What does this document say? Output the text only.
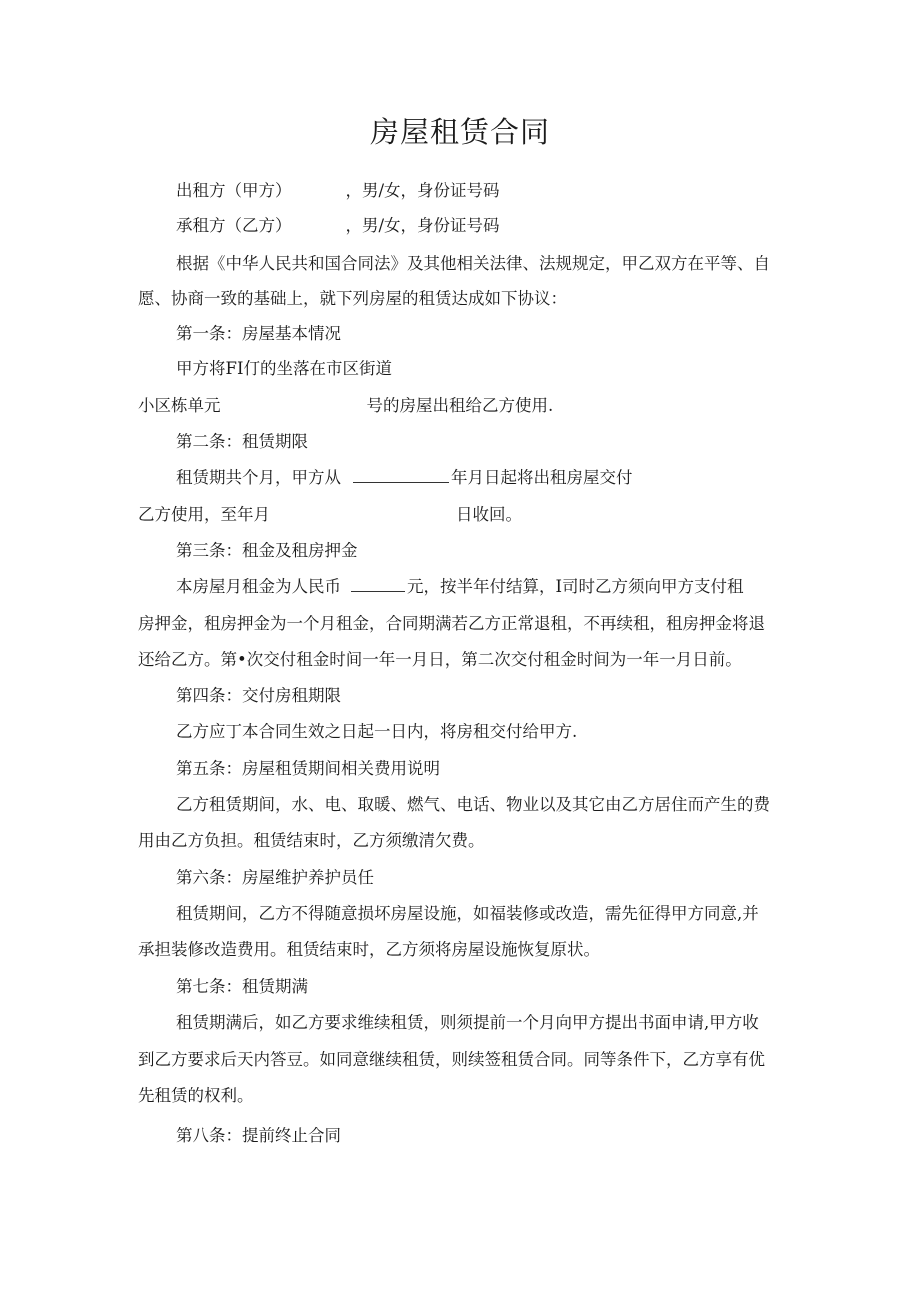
房屋租赁合同

出租方（甲方）	，男/女，身份证号码

承租方（乙方）	，男/女，身份证号码

根据《中华人民共和国合同法》及其他相关法律、法规规定，甲乙双方在平等、自

愿、协商一致的基础上，就下列房屋的租赁达成如下协议：

第一条：房屋基本情况

甲方将FI仃的坐落在市区街道

小区栋单元	号的房屋出租给乙方使用.

第二条：租赁期限

租赁期共个月，甲方从	年月日起将出租房屋交付

乙方使用，至年月	日收回。

第三条：租金及租房押金

本房屋月租金为人民币	元，按半年付结算，I司时乙方须向甲方支付租

房押金，租房押金为一个月租金，合同期满若乙方正常退租，不再续租，租房押金将退

还给乙方。第•次交付租金时间一年一月日，第二次交付租金时间为一年一月日前。

第四条：交付房租期限

乙方应丁本合同生效之日起一日内，将房租交付给甲方.

第五条：房屋租赁期间相关费用说明

乙方租赁期间，水、电、取暖、燃气、电话、物业以及其它由乙方居住而产生的费

用由乙方负担。租赁结束时，乙方须缴清欠费。

第六条：房屋维护养护员任

租赁期间，乙方不得随意损坏房屋设施，如福装修或改造，需先征得甲方同意,并

承担装修改造费用。租赁结束时，乙方须将房屋设施恢复原状。

第七条：租赁期满

租赁期满后，如乙方要求维续租赁，则须提前一个月向甲方提出书面申请,甲方收

到乙方要求后天内答豆。如同意继续租赁，则续签租赁合同。同等条件下，乙方享有优

先租赁的权利。

第八条：提前终止合同
